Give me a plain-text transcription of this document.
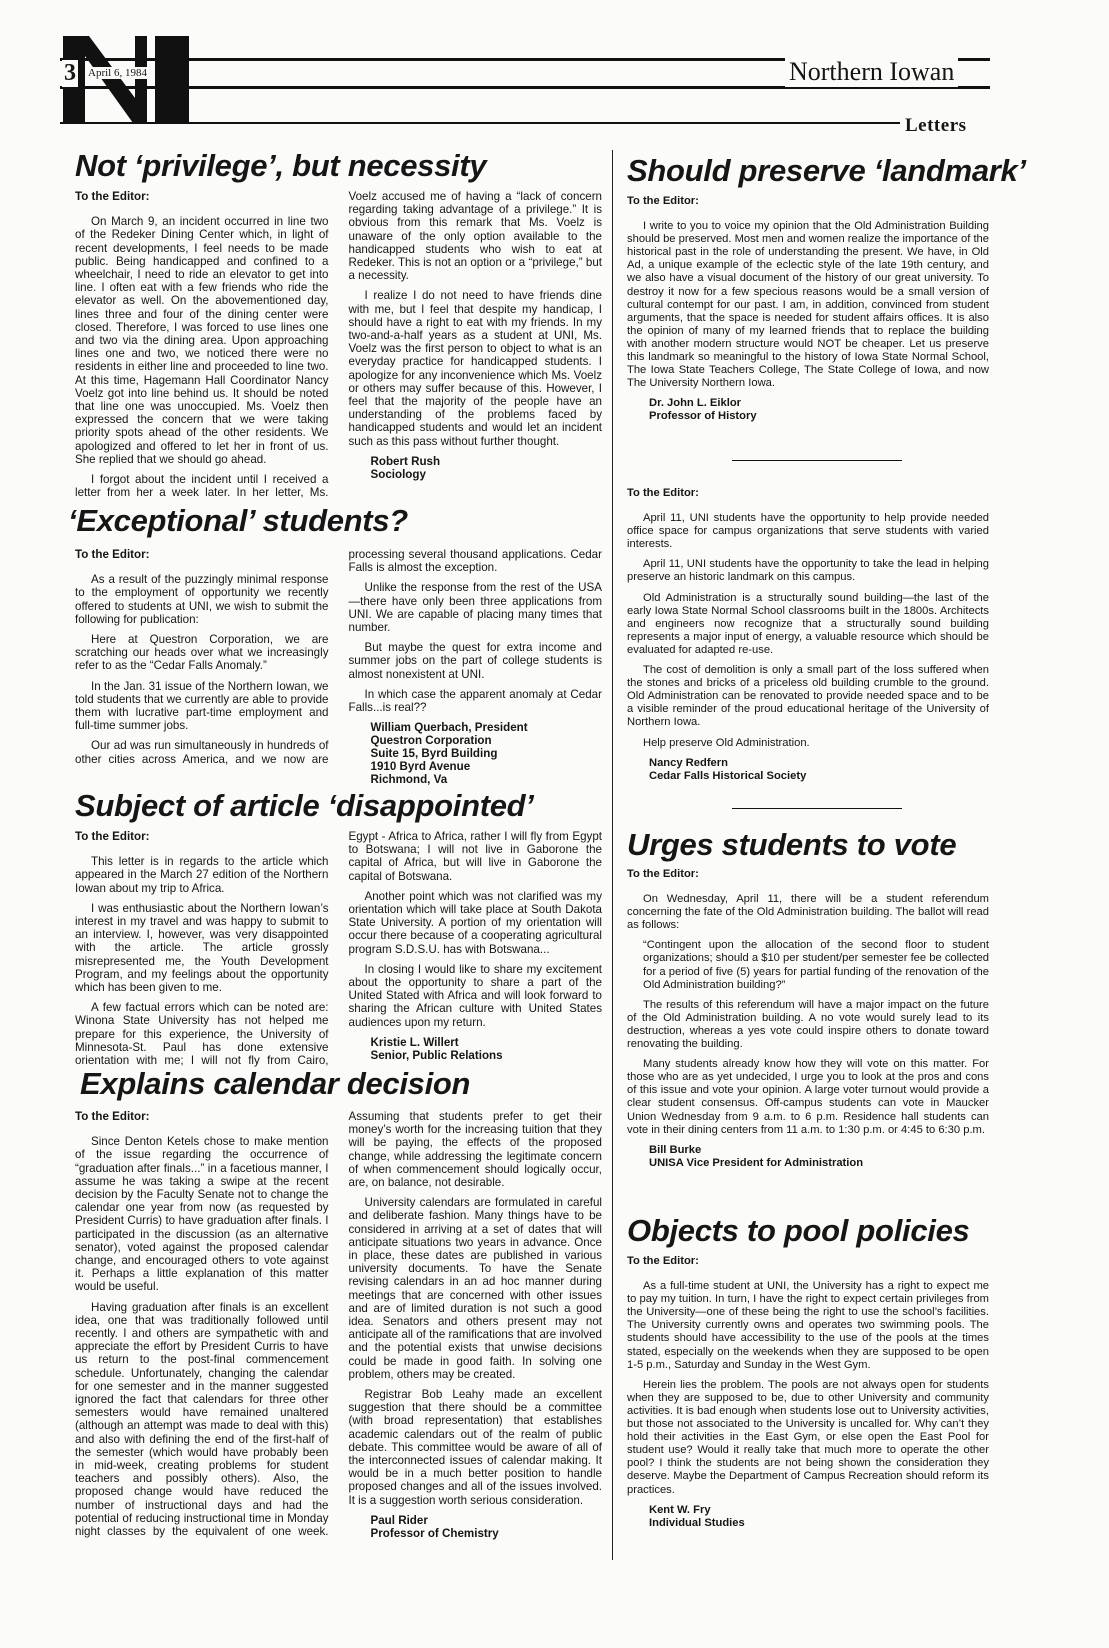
3 April 6, 1984	Northern Iowan
Letters
Not ‘privilege’, but necessity

To the Editor:

On March 9, an incident occurred in line two of the Redeker Dining Center which, in light of recent developments, I feel needs to be made public. Being handicapped and confined to a wheelchair, I need to ride an elevator to get into line. I often eat with a few friends who ride the elevator as well. On the abovementioned day, lines three and four of the dining center were closed. Therefore, I was forced to use lines one and two via the dining area. Upon approaching lines one and two, we noticed there were no residents in either line and proceeded to line two. At this time, Hagemann Hall Coordinator Nancy Voelz got into line behind us. It should be noted that line one was unoccupied. Ms. Voelz then expressed the concern that we were taking priority spots ahead of the other residents. We apologized and offered to let her in front of us. She replied that we should go ahead.

I forgot about the incident until I received a letter from her a week later. In her letter, Ms. Voelz accused me of having a “lack of concern regarding taking advantage of a privilege.” It is obvious from this remark that Ms. Voelz is unaware of the only option available to the handicapped students who wish to eat at Redeker. This is not an option or a “privilege,” but a necessity.

I realize I do not need to have friends dine with me, but I feel that despite my handicap, I should have a right to eat with my friends. In my two-and-a-half years as a student at UNI, Ms. Voelz was the first person to object to what is an everyday practice for handicapped students. I apologize for any inconvenience which Ms. Voelz or others may suffer because of this. However, I feel that the majority of the people have an understanding of the problems faced by handicapped students and would let an incident such as this pass without further thought.

Robert Rush
Sociology
‘Exceptional’ students?

To the Editor:

As a result of the puzzingly minimal response to the employment of opportunity we recently offered to students at UNI, we wish to submit the following for publication:

Here at Questron Corporation, we are scratching our heads over what we increasingly refer to as the “Cedar Falls Anomaly.”

In the Jan. 31 issue of the Northern Iowan, we told students that we currently are able to provide them with lucrative part-time employment and full-time summer jobs.

Our ad was run simultaneously in hundreds of other cities across America, and we now are processing several thousand applications. Cedar Falls is almost the exception.

Unlike the response from the rest of the USA—there have only been three applications from UNI. We are capable of placing many times that number.

But maybe the quest for extra income and summer jobs on the part of college students is almost nonexistent at UNI.

In which case the apparent anomaly at Cedar Falls...is real??

William Querbach, President
Questron Corporation
Suite 15, Byrd Building
1910 Byrd Avenue
Richmond, Va
Subject of article ‘disappointed’

To the Editor:

This letter is in regards to the article which appeared in the March 27 edition of the Northern Iowan about my trip to Africa.

I was enthusiastic about the Northern Iowan’s interest in my travel and was happy to submit to an interview. I, however, was very disappointed with the article. The article grossly misrepresented me, the Youth Development Program, and my feelings about the opportunity which has been given to me.

A few factual errors which can be noted are: Winona State University has not helped me prepare for this experience, the University of Minnesota-St. Paul has done extensive orientation with me; I will not fly from Cairo, Egypt - Africa to Africa, rather I will fly from Egypt to Botswana; I will not live in Gaborone the capital of Africa, but will live in Gaborone the capital of Botswana.

Another point which was not clarified was my orientation which will take place at South Dakota State University. A portion of my orientation will occur there because of a cooperating agricultural program S.D.S.U. has with Botswana...

In closing I would like to share my excitement about the opportunity to share a part of the United Stated with Africa and will look forward to sharing the African culture with United States audiences upon my return.

Kristie L. Willert
Senior, Public Relations
Explains calendar decision

To the Editor:

Since Denton Ketels chose to make mention of the issue regarding the occurrence of “graduation after finals...” in a facetious manner, I assume he was taking a swipe at the recent decision by the Faculty Senate not to change the calendar one year from now (as requested by President Curris) to have graduation after finals. I participated in the discussion (as an alternative senator), voted against the proposed calendar change, and encouraged others to vote against it. Perhaps a little explanation of this matter would be useful.

Having graduation after finals is an excellent idea, one that was traditionally followed until recently. I and others are sympathetic with and appreciate the effort by President Curris to have us return to the post-final commencement schedule. Unfortunately, changing the calendar for one semester and in the manner suggested ignored the fact that calendars for three other semesters would have remained unaltered (although an attempt was made to deal with this) and also with defining the end of the first-half of the semester (which would have probably been in mid-week, creating problems for student teachers and possibly others). Also, the proposed change would have reduced the number of instructional days and had the potential of reducing instructional time in Monday night classes by the equivalent of one week. Assuming that students prefer to get their money’s worth for the increasing tuition that they will be paying, the effects of the proposed change, while addressing the legitimate concern of when commencement should logically occur, are, on balance, not desirable.

University calendars are formulated in careful and deliberate fashion. Many things have to be considered in arriving at a set of dates that will anticipate situations two years in advance. Once in place, these dates are published in various university documents. To have the Senate revising calendars in an ad hoc manner during meetings that are concerned with other issues and are of limited duration is not such a good idea. Senators and others present may not anticipate all of the ramifications that are involved and the potential exists that unwise decisions could be made in good faith. In solving one problem, others may be created.

Registrar Bob Leahy made an excellent suggestion that there should be a committee (with broad representation) that establishes academic calendars out of the realm of public debate. This committee would be aware of all of the interconnected issues of calendar making. It would be in a much better position to handle proposed changes and all of the issues involved. It is a suggestion worth serious consideration.

Paul Rider
Professor of Chemistry
Should preserve ‘landmark’

To the Editor:

I write to you to voice my opinion that the Old Administration Building should be preserved. Most men and women realize the importance of the historical past in the role of understanding the present. We have, in Old Ad, a unique example of the eclectic style of the late 19th century, and we also have a visual document of the history of our great university. To destroy it now for a few specious reasons would be a small version of cultural contempt for our past. I am, in addition, convinced from student arguments, that the space is needed for student affairs offices. It is also the opinion of many of my learned friends that to replace the building with another modern structure would NOT be cheaper. Let us preserve this landmark so meaningful to the history of Iowa State Normal School, The Iowa State Teachers College, The State College of Iowa, and now The University Northern Iowa.

Dr. John L. Eiklor
Professor of History

To the Editor:

April 11, UNI students have the opportunity to help provide needed office space for campus organizations that serve students with varied interests.

April 11, UNI students have the opportunity to take the lead in helping preserve an historic landmark on this campus.

Old Administration is a structurally sound building—the last of the early Iowa State Normal School classrooms built in the 1800s. Architects and engineers now recognize that a structurally sound building represents a major input of energy, a valuable resource which should be evaluated for adapted re-use.

The cost of demolition is only a small part of the loss suffered when the stones and bricks of a priceless old building crumble to the ground. Old Administration can be renovated to provide needed space and to be a visible reminder of the proud educational heritage of the University of Northern Iowa.

Help preserve Old Administration.

Nancy Redfern
Cedar Falls Historical Society
Urges students to vote

To the Editor:

On Wednesday, April 11, there will be a student referendum concerning the fate of the Old Administration building. The ballot will read as follows:

“Contingent upon the allocation of the second floor to student organizations; should a $10 per student/per semester fee be collected for a period of five (5) years for partial funding of the renovation of the Old Administration building?”

The results of this referendum will have a major impact on the future of the Old Administration building. A no vote would surely lead to its destruction, whereas a yes vote could inspire others to donate toward renovating the building.

Many students already know how they will vote on this matter. For those who are as yet undecided, I urge you to look at the pros and cons of this issue and vote your opinion. A large voter turnout would provide a clear student consensus. Off-campus students can vote in Maucker Union Wednesday from 9 a.m. to 6 p.m. Residence hall students can vote in their dining centers from 11 a.m. to 1:30 p.m. or 4:45 to 6:30 p.m.

Bill Burke
UNISA Vice President for Administration
Objects to pool policies

To the Editor:

As a full-time student at UNI, the University has a right to expect me to pay my tuition. In turn, I have the right to expect certain privileges from the University—one of these being the right to use the school’s facilities. The University currently owns and operates two swimming pools. The students should have accessibility to the use of the pools at the times stated, especially on the weekends when they are supposed to be open 1-5 p.m., Saturday and Sunday in the West Gym.

Herein lies the problem. The pools are not always open for students when they are supposed to be, due to other University and community activities. It is bad enough when students lose out to University activities, but those not associated to the University is uncalled for. Why can’t they hold their activities in the East Gym, or else open the East Pool for student use? Would it really take that much more to operate the other pool? I think the students are not being shown the consideration they deserve. Maybe the Department of Campus Recreation should reform its practices.

Kent W. Fry
Individual Studies
